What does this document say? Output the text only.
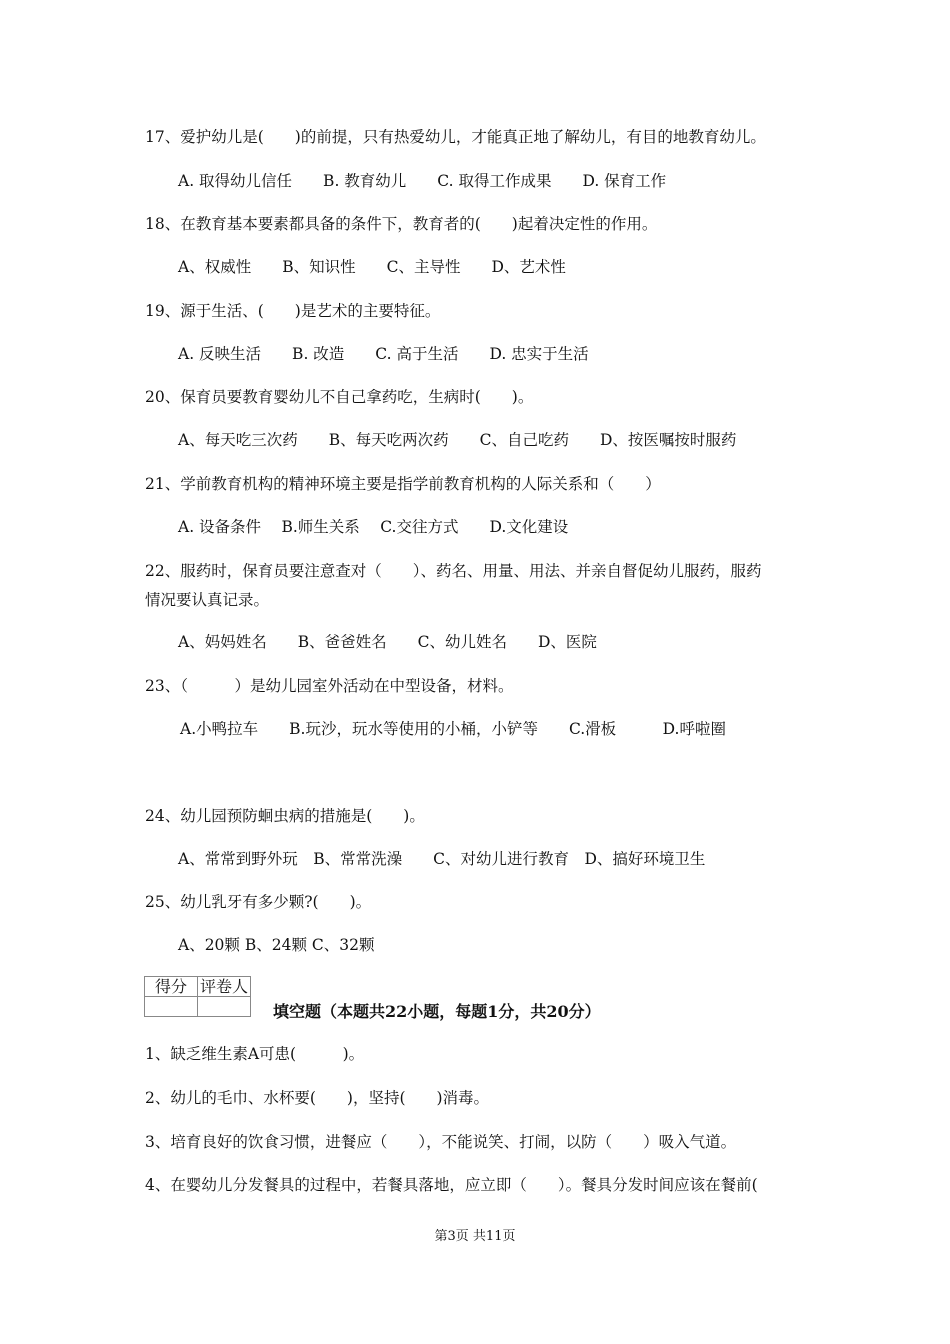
17、爱护幼儿是(　　)的前提，只有热爱幼儿，才能真正地了解幼儿，有目的地教育幼儿。

A. 取得幼儿信任　　B. 教育幼儿　　C. 取得工作成果　　D. 保育工作

18、在教育基本要素都具备的条件下，教育者的(　　)起着决定性的作用。

A、权威性　　B、知识性　　C、主导性　　D、艺术性

19、源于生活、(　　)是艺术的主要特征。

A. 反映生活　　B. 改造　　C. 高于生活　　D. 忠实于生活

20、保育员要教育婴幼儿不自己拿药吃，生病时(　　)。

A、每天吃三次药　　B、每天吃两次药　　C、自己吃药　　D、按医嘱按时服药

21、学前教育机构的精神环境主要是指学前教育机构的人际关系和（　　）

A. 设备条件　 B.师生关系　 C.交往方式　　D.文化建设

22、服药时，保育员要注意查对（　　）、药名、用量、用法、并亲自督促幼儿服药，服药

情况要认真记录。

A、妈妈姓名　　B、爸爸姓名　　C、幼儿姓名　　D、医院

23、（　　　）是幼儿园室外活动在中型设备，材料。

A.小鸭拉车　　B.玩沙，玩水等使用的小桶，小铲等　　C.滑板　　　D.呼啦圈

24、幼儿园预防蛔虫病的措施是(　　)。

A、常常到野外玩　B、常常洗澡　　C、对幼儿进行教育　D、搞好环境卫生

25、幼儿乳牙有多少颗?(　　)。

A、20颗 B、24颗 C、32颗

得分	评卷人

填空题（本题共22小题，每题1分，共20分）

1、缺乏维生素A可患(　　　)。

2、幼儿的毛巾、水杯要(　　)，坚持(　　)消毒。

3、培育良好的饮食习惯，进餐应（　　），不能说笑、打闹，以防（　　）吸入气道。

4、在婴幼儿分发餐具的过程中，若餐具落地，应立即（　　）。餐具分发时间应该在餐前(

第3页 共11页
